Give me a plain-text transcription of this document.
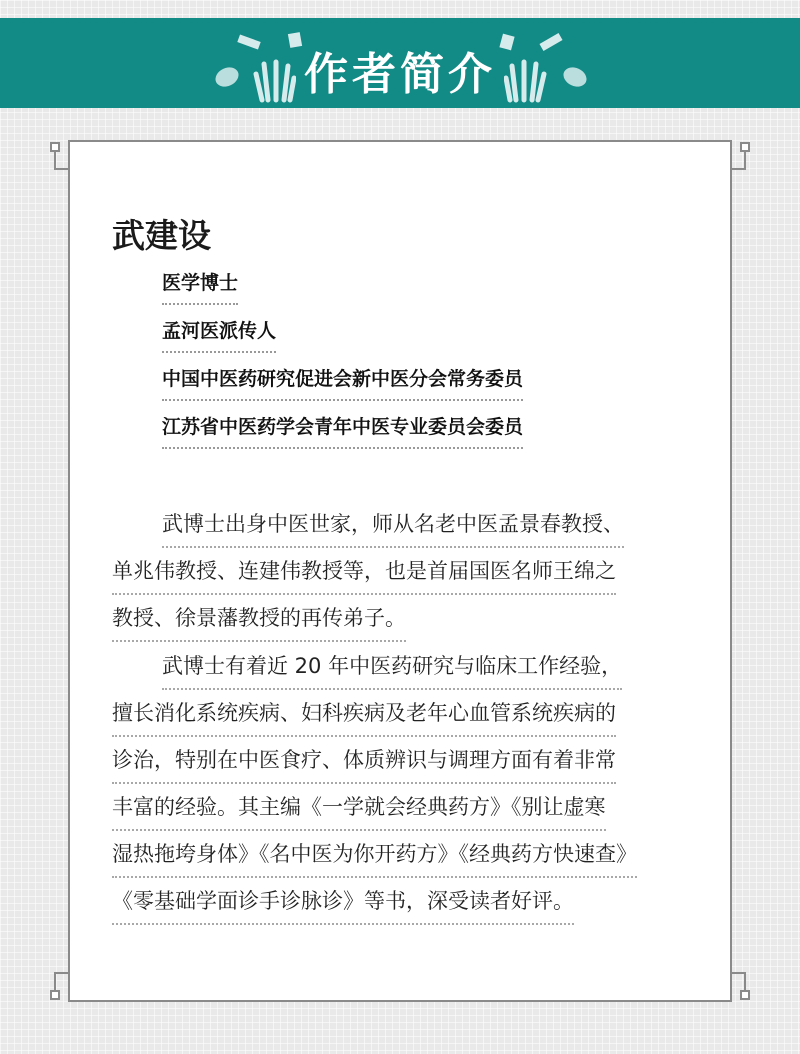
作者简介
武建设
医学博士
孟河医派传人
中国中医药研究促进会新中医分会常务委员
江苏省中医药学会青年中医专业委员会委员
武博士出身中医世家，师从名老中医孟景春教授、
单兆伟教授、连建伟教授等，也是首届国医名师王绵之
教授、徐景藩教授的再传弟子。
武博士有着近 20 年中医药研究与临床工作经验，
擅长消化系统疾病、妇科疾病及老年心血管系统疾病的
诊治，特别在中医食疗、体质辨识与调理方面有着非常
丰富的经验。其主编《一学就会经典药方》《别让虚寒
湿热拖垮身体》《名中医为你开药方》《经典药方快速查》
《零基础学面诊手诊脉诊》等书，深受读者好评。
